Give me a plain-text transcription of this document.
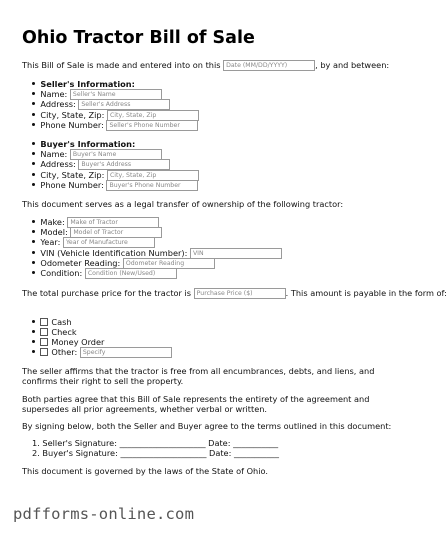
Ohio Tractor Bill of Sale
This Bill of Sale is made and entered into on this Date (MM/DD/YYYY)	, by and between:
Seller's Information:
Name: Seller's Name
Address: Seller's Address
City, State, Zip: City, State, Zip
Phone Number: Seller's Phone Number
Buyer's Information:
Name: Buyer's Name
Address: Buyer's Address
City, State, Zip: City, State, Zip
Phone Number: Buyer's Phone Number
This document serves as a legal transfer of ownership of the following tractor:
Make: Make of Tractor
Model: Model of Tractor
Year: Year of Manufacture
VIN (Vehicle Identification Number): VIN
Odometer Reading: Odometer Reading
Condition: Condition (New/Used)
The total purchase price for the tractor is Purchase Price ($)	. This amount is payable in the form of:
Cash
Check
Money Order
Other: Specify
The seller affirms that the tractor is free from all encumbrances, debts, and liens, and confirms their right to sell the property.
Both parties agree that this Bill of Sale represents the entirety of the agreement and supersedes all prior agreements, whether verbal or written.
By signing below, both the Seller and Buyer agree to the terms outlined in this document:
1. Seller's Signature: _____________________ Date: ___________
2. Buyer's Signature: _____________________ Date: ___________
This document is governed by the laws of the State of Ohio.
pdfforms-online.com
